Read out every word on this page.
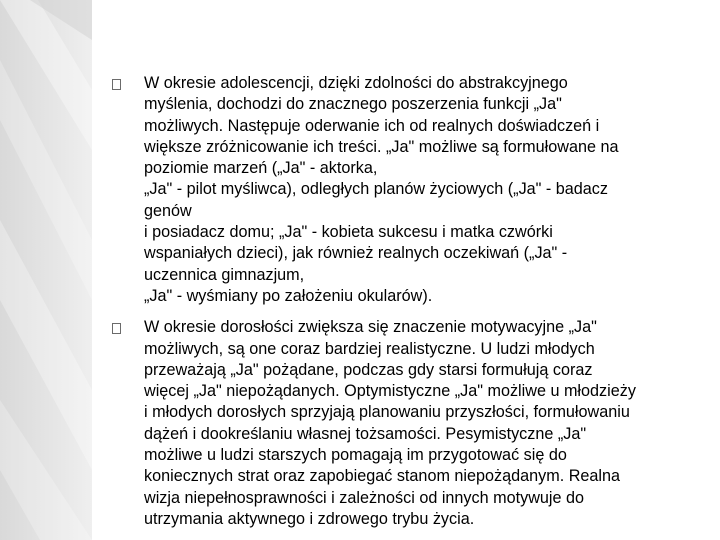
W okresie adolescencji, dzięki zdolności do abstrakcyjnego
myślenia, dochodzi do znacznego poszerzenia funkcji „Ja"
możliwych. Następuje oderwanie ich od realnych doświadczeń i
większe zróżnicowanie ich treści. „Ja" możliwe są formułowane na
poziomie marzeń („Ja" - aktorka,
„Ja" - pilot myśliwca), odległych planów życiowych („Ja" - badacz
genów
i posiadacz domu; „Ja" - kobieta sukcesu i matka czwórki
wspaniałych dzieci), jak również realnych oczekiwań („Ja" -
uczennica gimnazjum,
„Ja" - wyśmiany po założeniu okularów).
W okresie dorosłości zwiększa się znaczenie motywacyjne „Ja"
możliwych, są one coraz bardziej realistyczne. U ludzi młodych
przeważają „Ja" pożądane, podczas gdy starsi formułują coraz
więcej „Ja" niepożądanych. Optymistyczne „Ja" możliwe u młodzieży
i młodych dorosłych sprzyjają planowaniu przyszłości, formułowaniu
dążeń i dookreślaniu własnej tożsamości. Pesymistyczne „Ja"
możliwe u ludzi starszych pomagają im przygotować się do
koniecznych strat oraz zapobiegać stanom niepożądanym. Realna
wizja niepełnosprawności i zależności od innych motywuje do
utrzymania aktywnego i zdrowego trybu życia.
